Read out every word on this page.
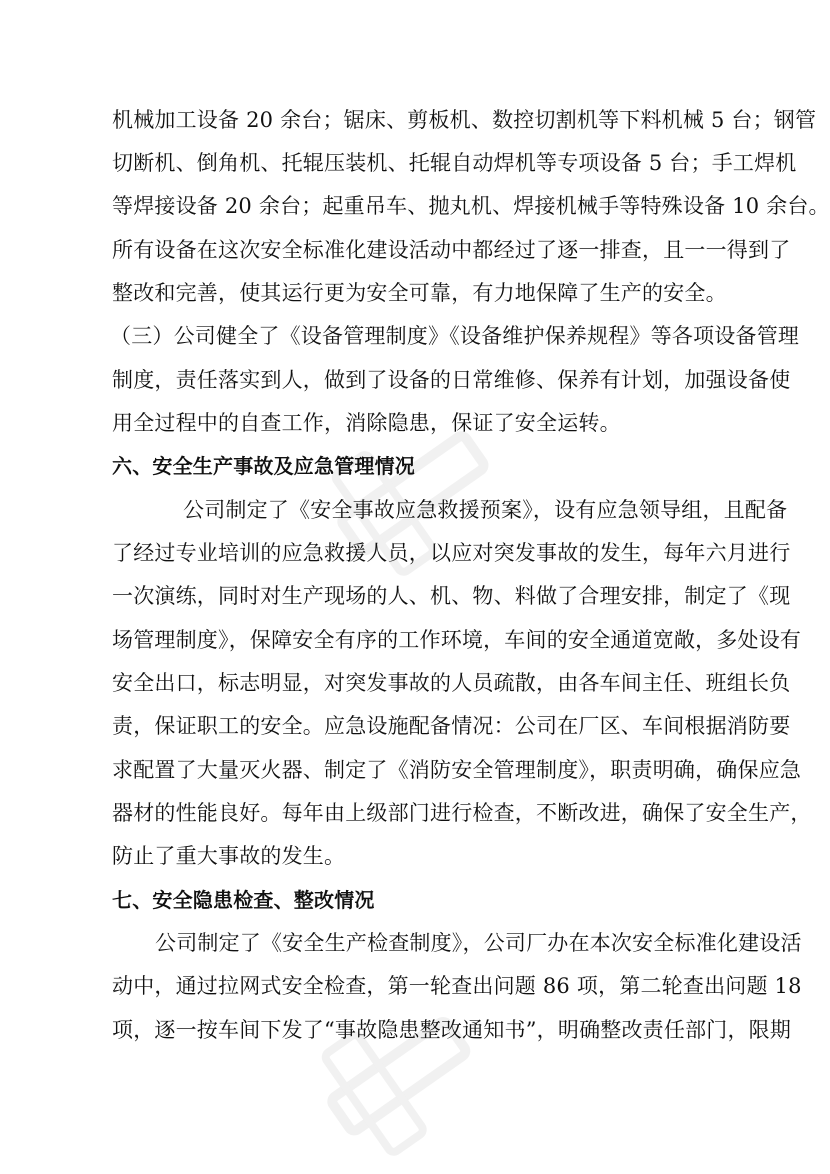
机械加工设备 20 余台；锯床、剪板机、数控切割机等下料机械 5 台；钢管
切断机、倒角机、托辊压装机、托辊自动焊机等专项设备 5 台；手工焊机
等焊接设备 20 余台；起重吊车、抛丸机、焊接机械手等特殊设备 10 余台。
所有设备在这次安全标准化建设活动中都经过了逐一排查，且一一得到了
整改和完善，使其运行更为安全可靠，有力地保障了生产的安全。
（三）公司健全了《设备管理制度》《设备维护保养规程》等各项设备管理
制度，责任落实到人，做到了设备的日常维修、保养有计划，加强设备使
用全过程中的自查工作，消除隐患，保证了安全运转。
六、安全生产事故及应急管理情况
公司制定了《安全事故应急救援预案》，设有应急领导组，且配备
了经过专业培训的应急救援人员，以应对突发事故的发生，每年六月进行
一次演练，同时对生产现场的人、机、物、料做了合理安排，制定了《现
场管理制度》，保障安全有序的工作环境，车间的安全通道宽敞，多处设有
安全出口，标志明显，对突发事故的人员疏散，由各车间主任、班组长负
责，保证职工的安全。应急设施配备情况：公司在厂区、车间根据消防要
求配置了大量灭火器、制定了《消防安全管理制度》，职责明确，确保应急
器材的性能良好。每年由上级部门进行检查，不断改进，确保了安全生产，
防止了重大事故的发生。
七、安全隐患检查、整改情况
公司制定了《安全生产检查制度》，公司厂办在本次安全标准化建设活
动中，通过拉网式安全检查，第一轮查出问题 86 项，第二轮查出问题 18
项，逐一按车间下发了“事故隐患整改通知书”，明确整改责任部门，限期
